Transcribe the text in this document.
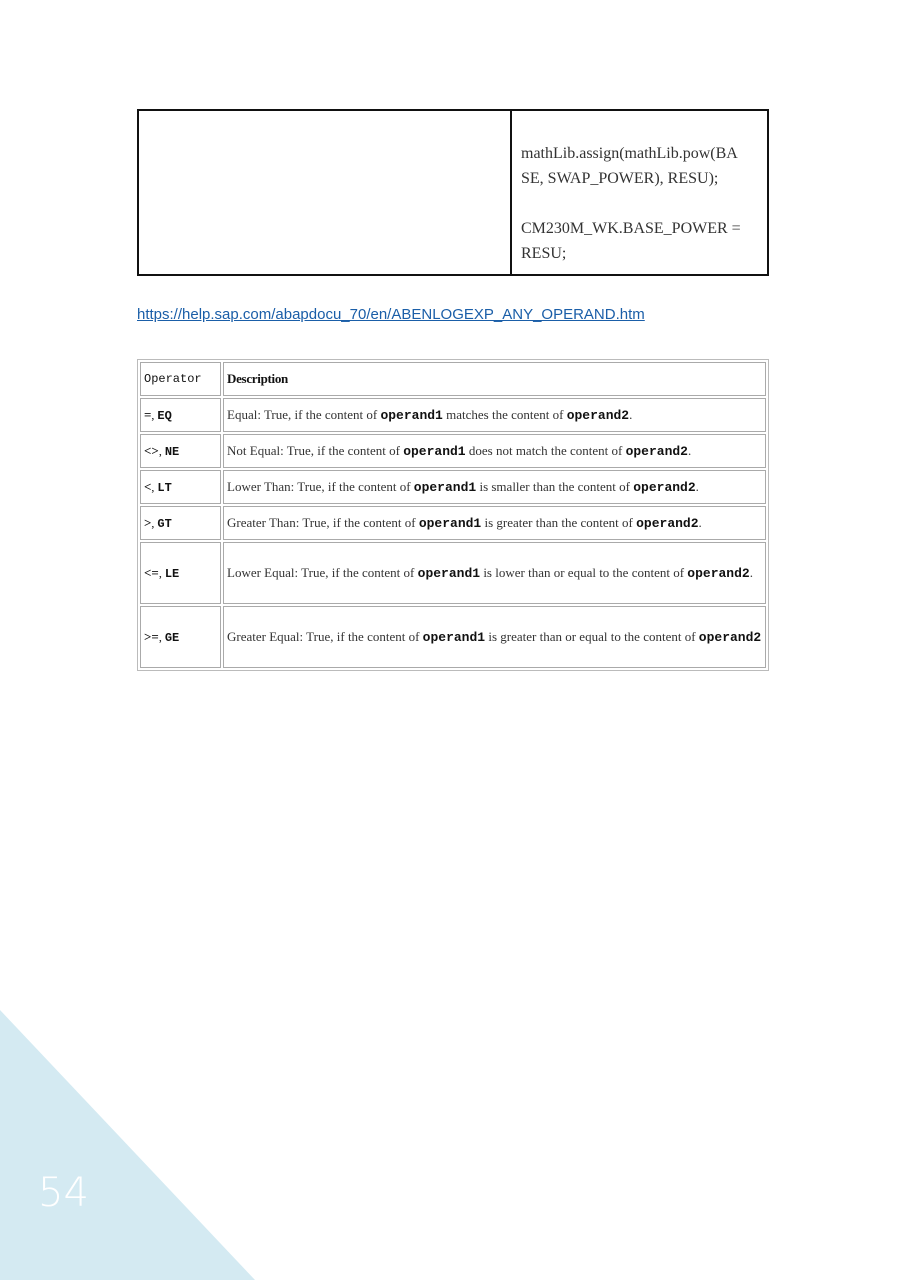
mathLib.assign(mathLib.pow(BA
SE, SWAP_POWER), RESU);
CM230M_WK.BASE_POWER =
RESU;
https://help.sap.com/abapdocu_70/en/ABENLOGEXP_ANY_OPERAND.htm
Operator	Description
=, EQ	Equal: True, if the content of operand1 matches the content of operand2.
<>, NE	Not Equal: True, if the content of operand1 does not match the content of operand2.
<, LT	Lower Than: True, if the content of operand1 is smaller than the content of operand2.
>, GT	Greater Than: True, if the content of operand1 is greater than the content of operand2.
<=, LE	Lower Equal: True, if the content of operand1 is lower than or equal to the content of operand2.
>=, GE	Greater Equal: True, if the content of operand1 is greater than or equal to the content of operand2
54
